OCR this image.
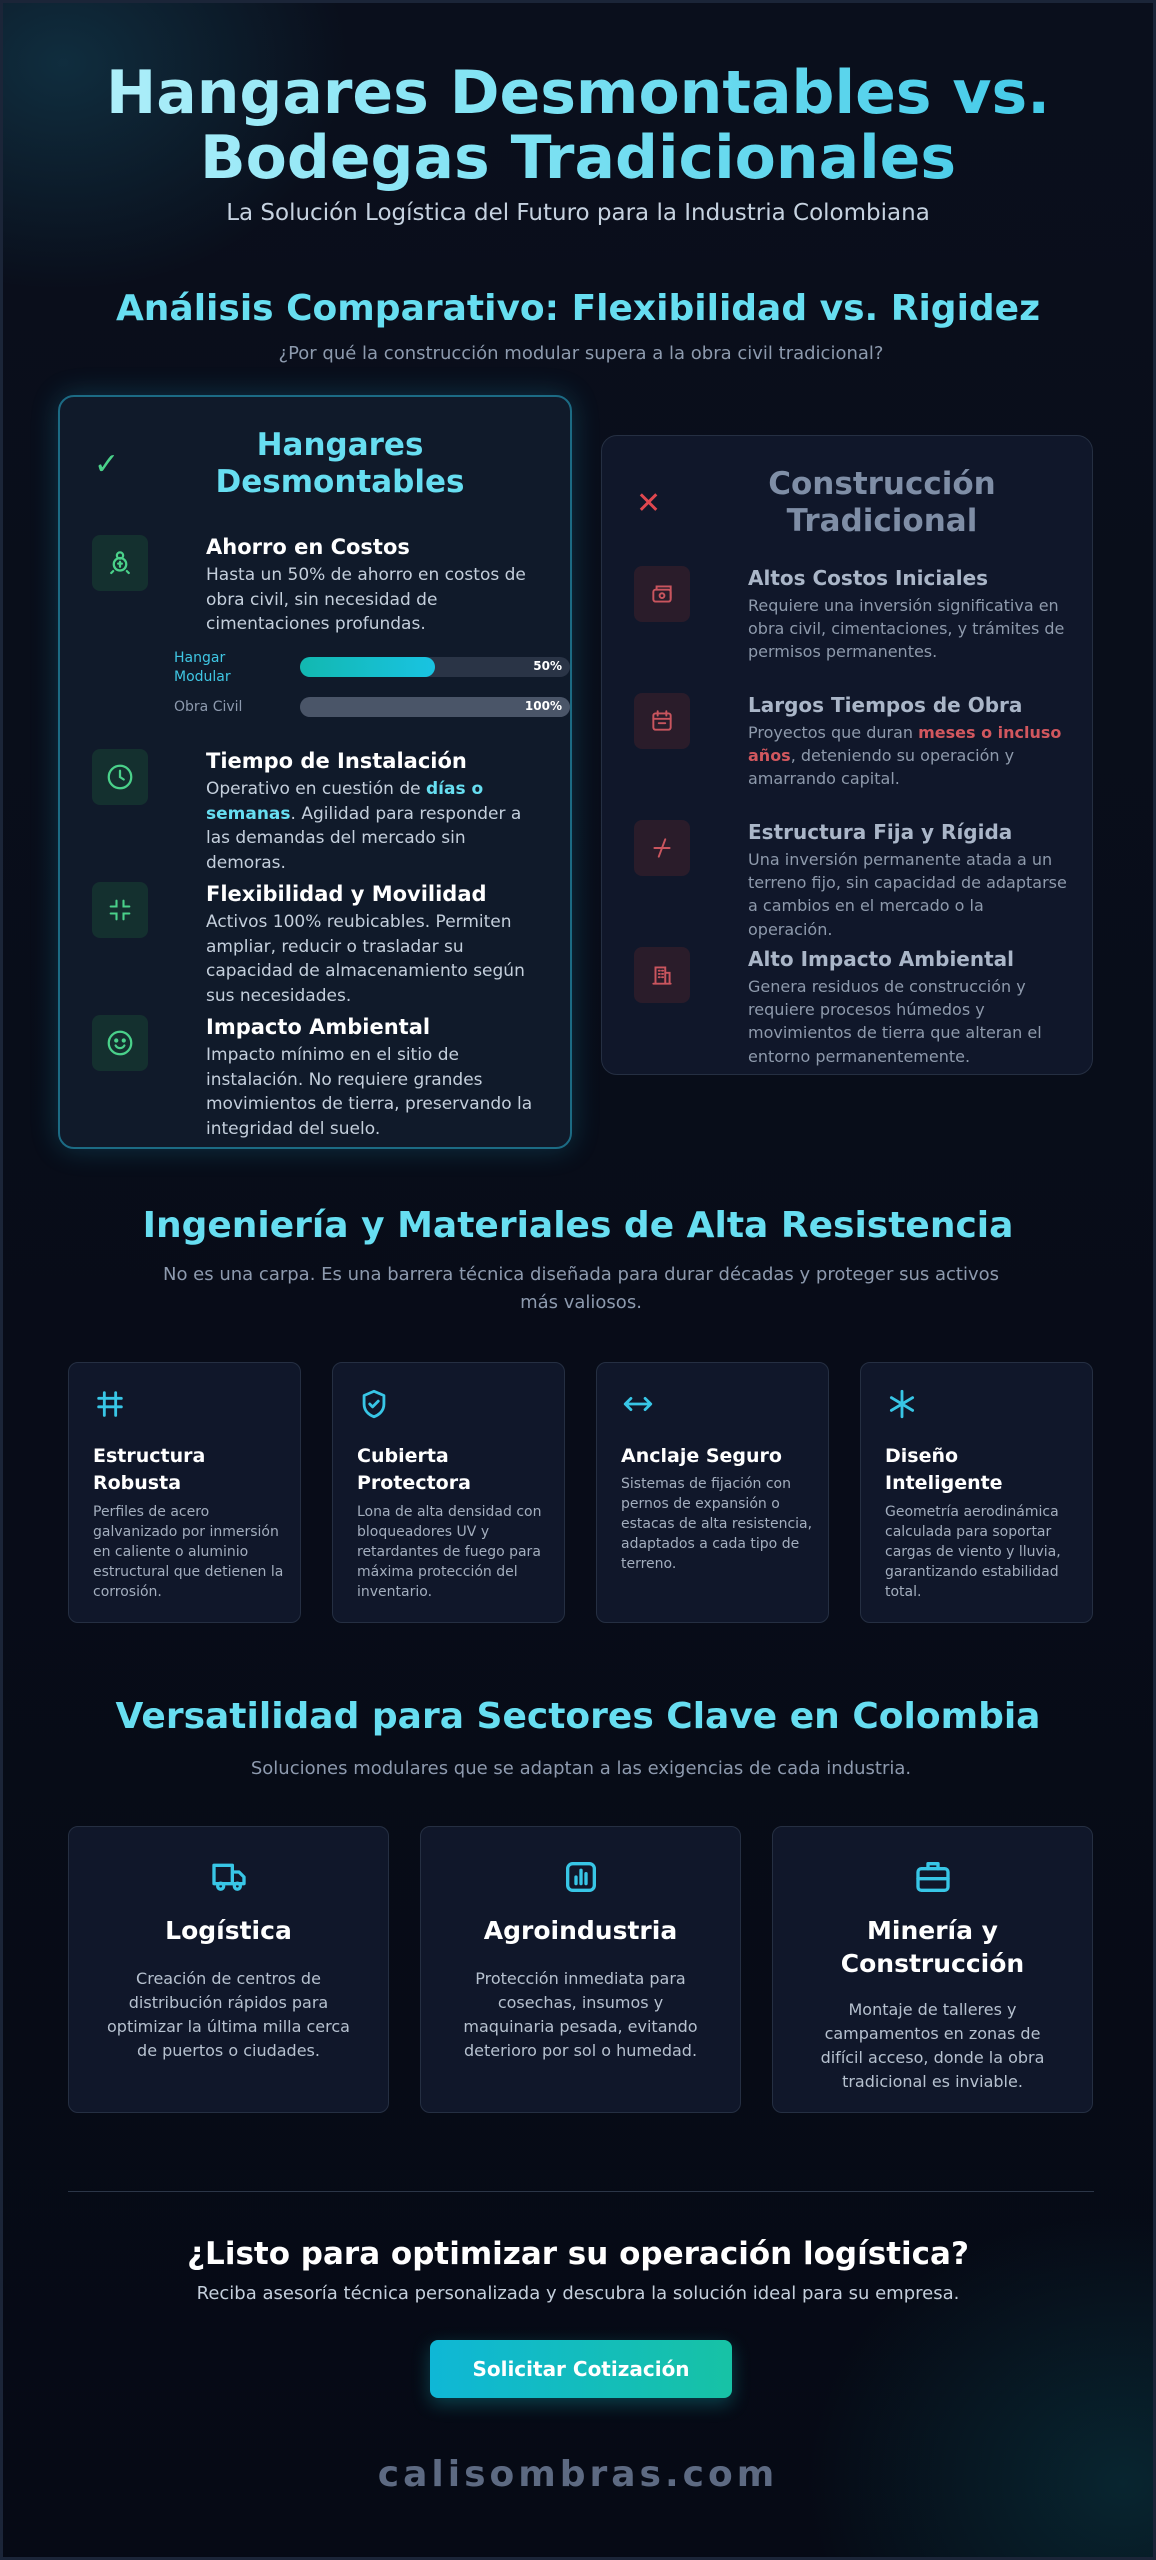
Hangares Desmontables vs.
Bodegas Tradicionales
La Solución Logística del Futuro para la Industria Colombiana
Análisis Comparativo: Flexibilidad vs. Rigidez
¿Por qué la construcción modular supera a la obra civil tradicional?
✓
Hangares Desmontables
Ahorro en Costos
Hasta un 50% de ahorro en costos de obra civil, sin necesidad de cimentaciones profundas.
Hangar Modular
50%
Obra Civil	100%
Tiempo de Instalación
Operativo en cuestión de días o semanas. Agilidad para responder a las demandas del mercado sin demoras.
Flexibilidad y Movilidad
Activos 100% reubicables. Permiten ampliar, reducir o trasladar su capacidad de almacenamiento según sus necesidades.
Impacto Ambiental
Impacto mínimo en el sitio de instalación. No requiere grandes movimientos de tierra, preservando la integridad del suelo.
✕
Construcción Tradicional
Altos Costos Iniciales
Requiere una inversión significativa en obra civil, cimentaciones, y trámites de permisos permanentes.
Largos Tiempos de Obra
Proyectos que duran meses o incluso años, deteniendo su operación y amarrando capital.
Estructura Fija y Rígida
Una inversión permanente atada a un terreno fijo, sin capacidad de adaptarse a cambios en el mercado o la operación.
Alto Impacto Ambiental
Genera residuos de construcción y requiere procesos húmedos y movimientos de tierra que alteran el entorno permanentemente.
Ingeniería y Materiales de Alta Resistencia
No es una carpa. Es una barrera técnica diseñada para durar décadas y proteger sus activos más valiosos.
Estructura Robusta
Perfiles de acero galvanizado por inmersión en caliente o aluminio estructural que detienen la corrosión.
Cubierta Protectora
Lona de alta densidad con bloqueadores UV y retardantes de fuego para máxima protección del inventario.
Anclaje Seguro
Sistemas de fijación con pernos de expansión o estacas de alta resistencia, adaptados a cada tipo de terreno.
Diseño Inteligente
Geometría aerodinámica calculada para soportar cargas de viento y lluvia, garantizando estabilidad total.
Versatilidad para Sectores Clave en Colombia
Soluciones modulares que se adaptan a las exigencias de cada industria.
Logística
Creación de centros de distribución rápidos para optimizar la última milla cerca de puertos o ciudades.
Agroindustria
Protección inmediata para cosechas, insumos y maquinaria pesada, evitando deterioro por sol o humedad.
Minería y Construcción
Montaje de talleres y campamentos en zonas de difícil acceso, donde la obra tradicional es inviable.
¿Listo para optimizar su operación logística?
Reciba asesoría técnica personalizada y descubra la solución ideal para su empresa.
Solicitar Cotización
calisombras.com
